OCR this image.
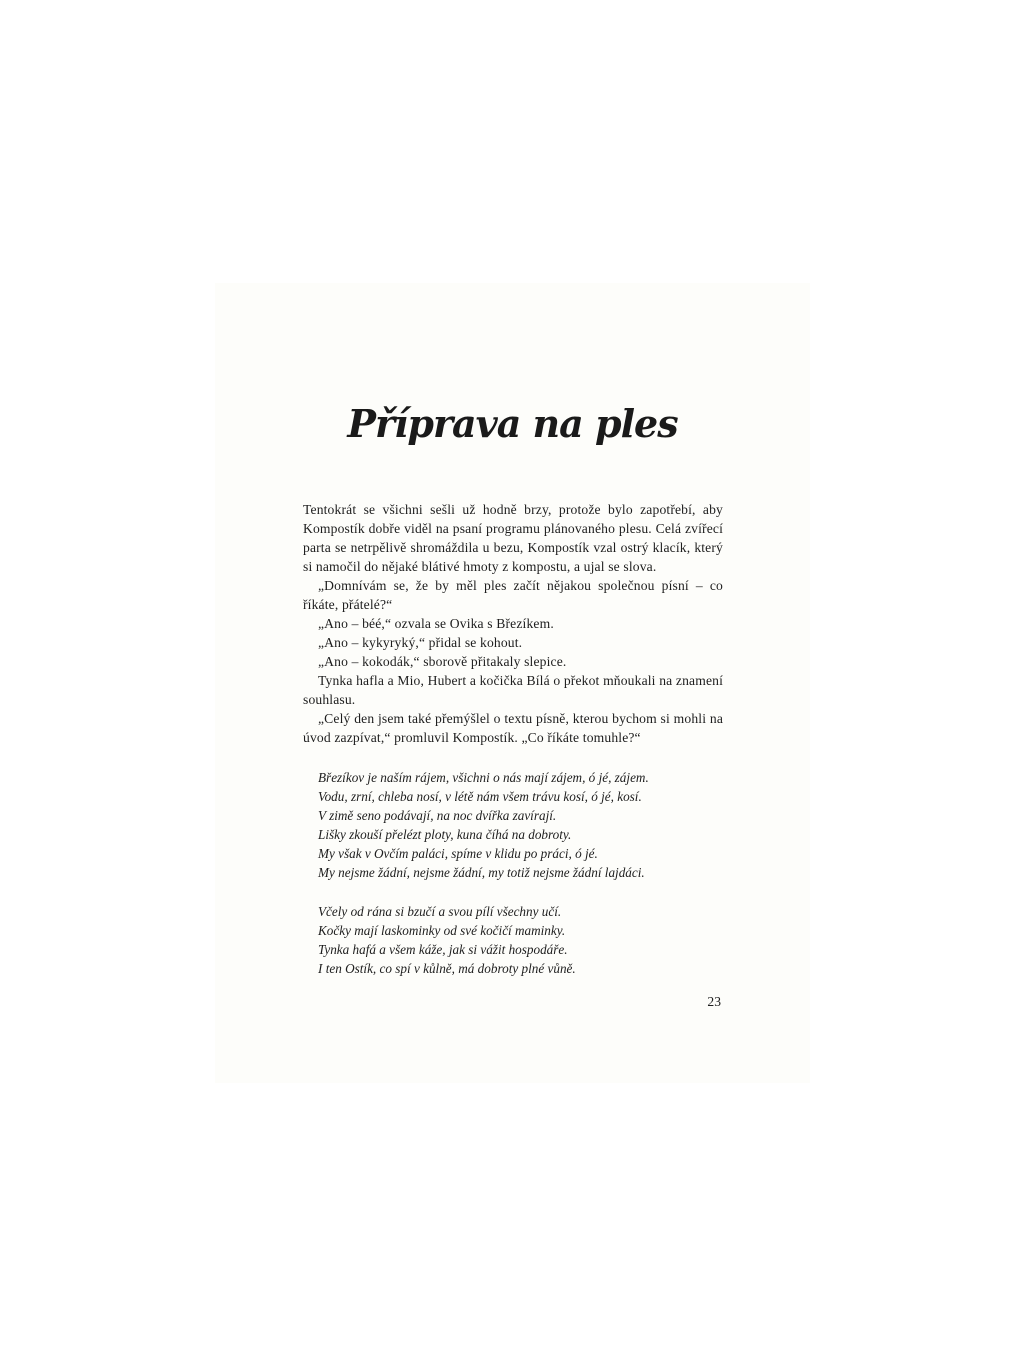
Příprava na ples

Tentokrát se všichni sešli už hodně brzy, protože bylo zapotřebí, aby Kompostík dobře viděl na psaní programu plánovaného plesu. Celá zvířecí parta se netrpělivě shromáždila u bezu, Kompostík vzal ostrý klacík, který si namočil do nějaké blátivé hmoty z kompostu, a ujal se slova.

„Domnívám se, že by měl ples začít nějakou společnou písní – co říkáte, přátelé?“

„Ano – béé,“ ozvala se Ovika s Březíkem.

„Ano – kykyryký,“ přidal se kohout.

„Ano – kokodák,“ sborově přitakaly slepice.

Tynka hafla a Mio, Hubert a kočička Bílá o překot mňoukali na znamení souhlasu.

„Celý den jsem také přemýšlel o textu písně, kterou bychom si mohli na úvod zazpívat,“ promluvil Kompostík. „Co říkáte tomuhle?“

Březíkov je naším rájem, všichni o nás mají zájem, ó jé, zájem.
Vodu, zrní, chleba nosí, v létě nám všem trávu kosí, ó jé, kosí.
V zimě seno podávají, na noc dvířka zavírají.
Lišky zkouší přelézt ploty, kuna číhá na dobroty.
My však v Ovčím paláci, spíme v klidu po práci, ó jé.
My nejsme žádní, nejsme žádní, my totiž nejsme žádní lajdáci.
Včely od rána si bzučí a svou pílí všechny učí.
Kočky mají laskominky od své kočičí maminky.
Tynka hafá a všem káže, jak si vážit hospodáře.
I ten Ostík, co spí v kůlně, má dobroty plné vůně.
23
